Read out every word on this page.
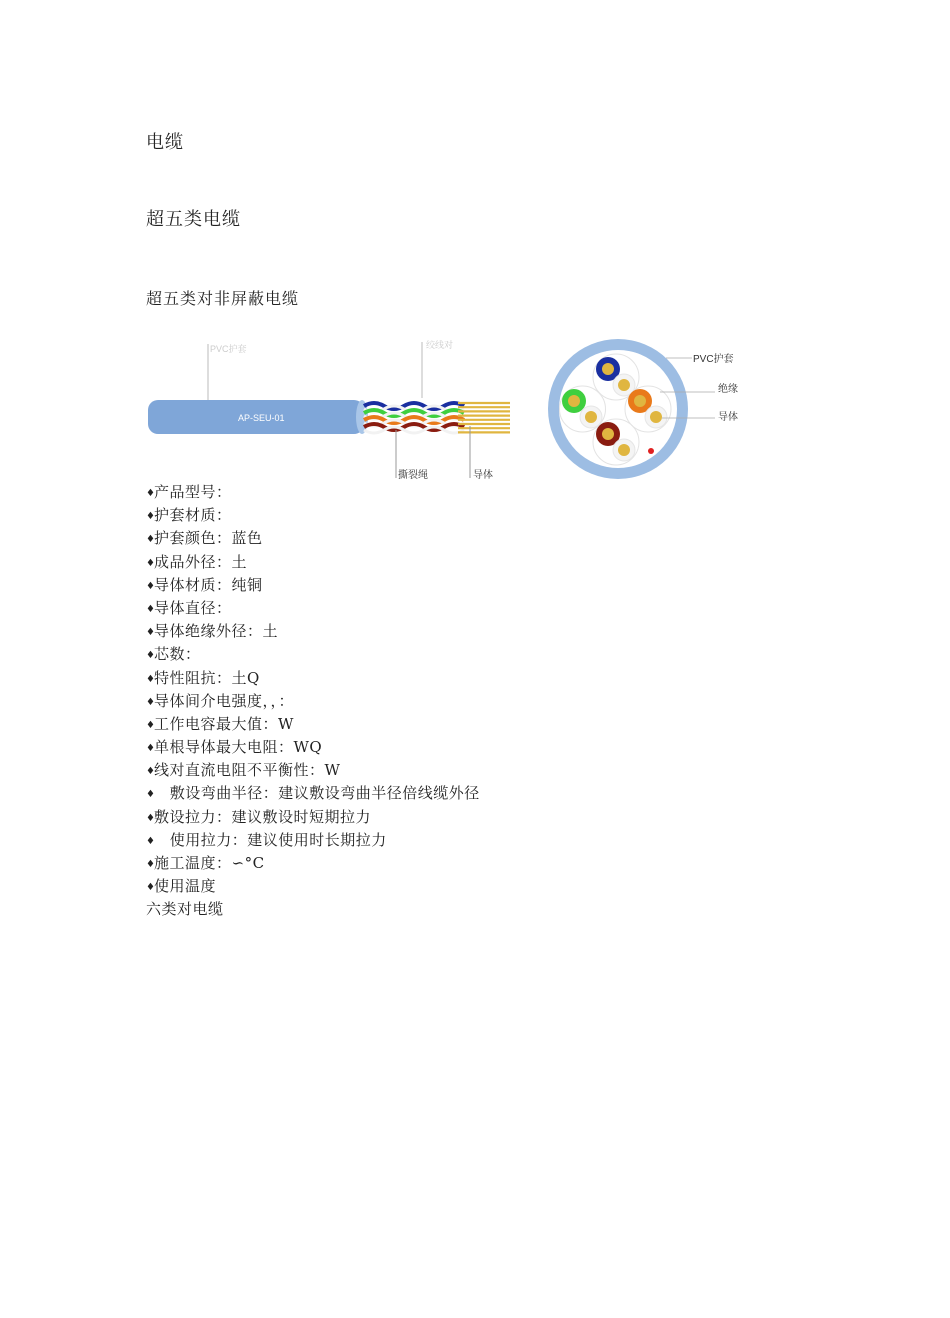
电缆
超五类电缆
超五类对非屏蔽电缆
PVC护套	绞线对
AP-SEU-01
撕裂绳	导体
PVC护套
绝缘
导体
♦产品型号：
♦护套材质：
♦护套颜色：蓝色
♦成品外径：土
♦导体材质：纯铜
♦导体直径：
♦导体绝缘外径：土
♦芯数：
♦特性阻抗：土Q
♦导体间介电强度，，：
♦工作电容最大值：W
♦单根导体最大电阻：WQ
♦线对直流电阻不平衡性：W
♦   敷设弯曲半径：建议敷设弯曲半径倍线缆外径
♦敷设拉力：建议敷设时短期拉力
♦   使用拉力：建议使用时长期拉力
♦施工温度：∽°C
♦使用温度
六类对电缆
